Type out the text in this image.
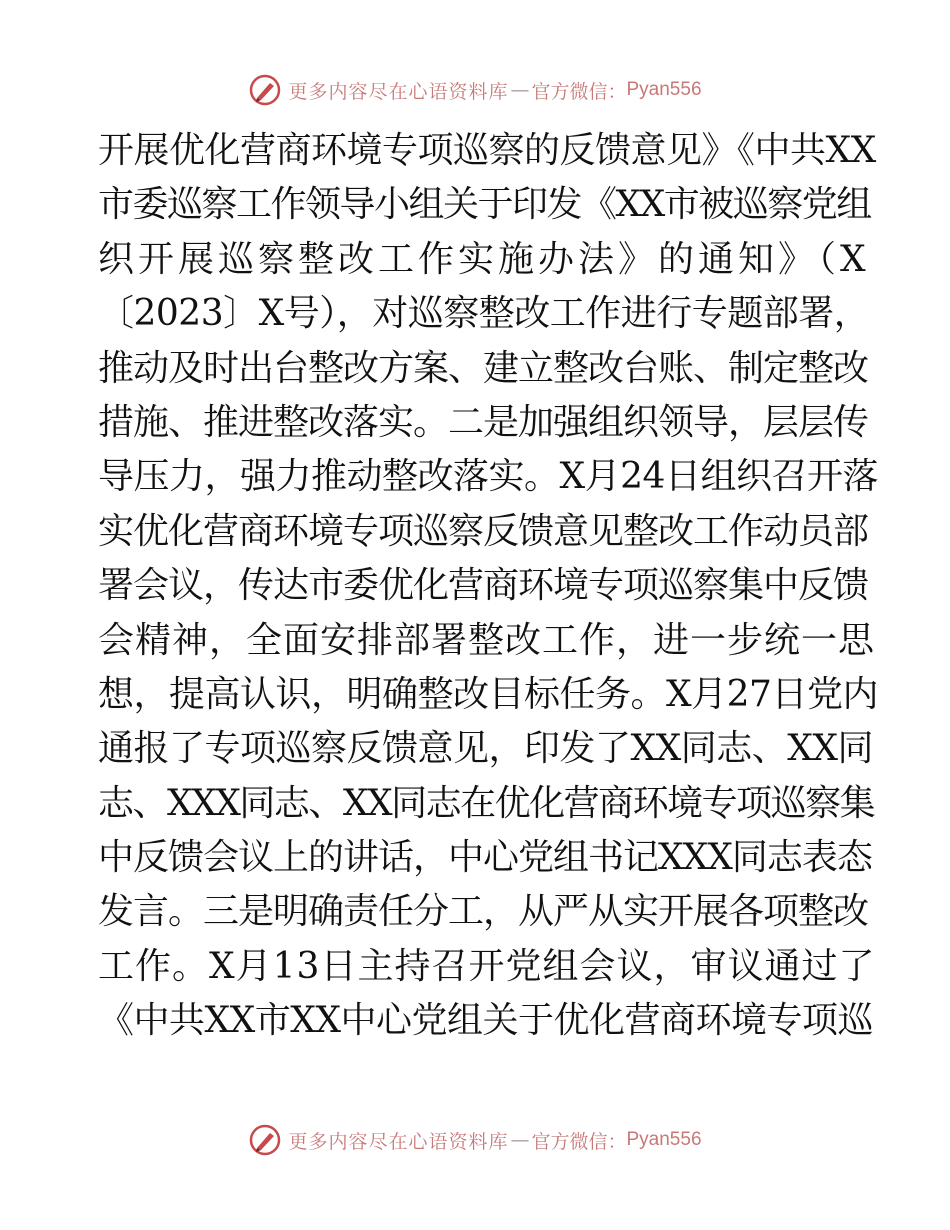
更多内容尽在心语资料库 — 官方微信： Pyan556
开展优化营商环境专项巡察的反馈意见》《中共XX
市委巡察工作领导小组关于印发《XX市被巡察党组
织开展巡察整改工作实施办法》的通知》（X
〔2023〕X号），对巡察整改工作进行专题部署，
推动及时出台整改方案、建立整改台账、制定整改
措施、推进整改落实。二是加强组织领导，层层传
导压力，强力推动整改落实。X月24日组织召开落
实优化营商环境专项巡察反馈意见整改工作动员部
署会议，传达市委优化营商环境专项巡察集中反馈
会精神，全面安排部署整改工作，进一步统一思
想，提高认识，明确整改目标任务。X月27日党内
通报了专项巡察反馈意见，印发了XX同志、XX同
志、XXX同志、XX同志在优化营商环境专项巡察集
中反馈会议上的讲话，中心党组书记XXX同志表态
发言。三是明确责任分工，从严从实开展各项整改
工作。X月13日主持召开党组会议，审议通过了
《中共XX市XX中心党组关于优化营商环境专项巡
更多内容尽在心语资料库 — 官方微信： Pyan556
